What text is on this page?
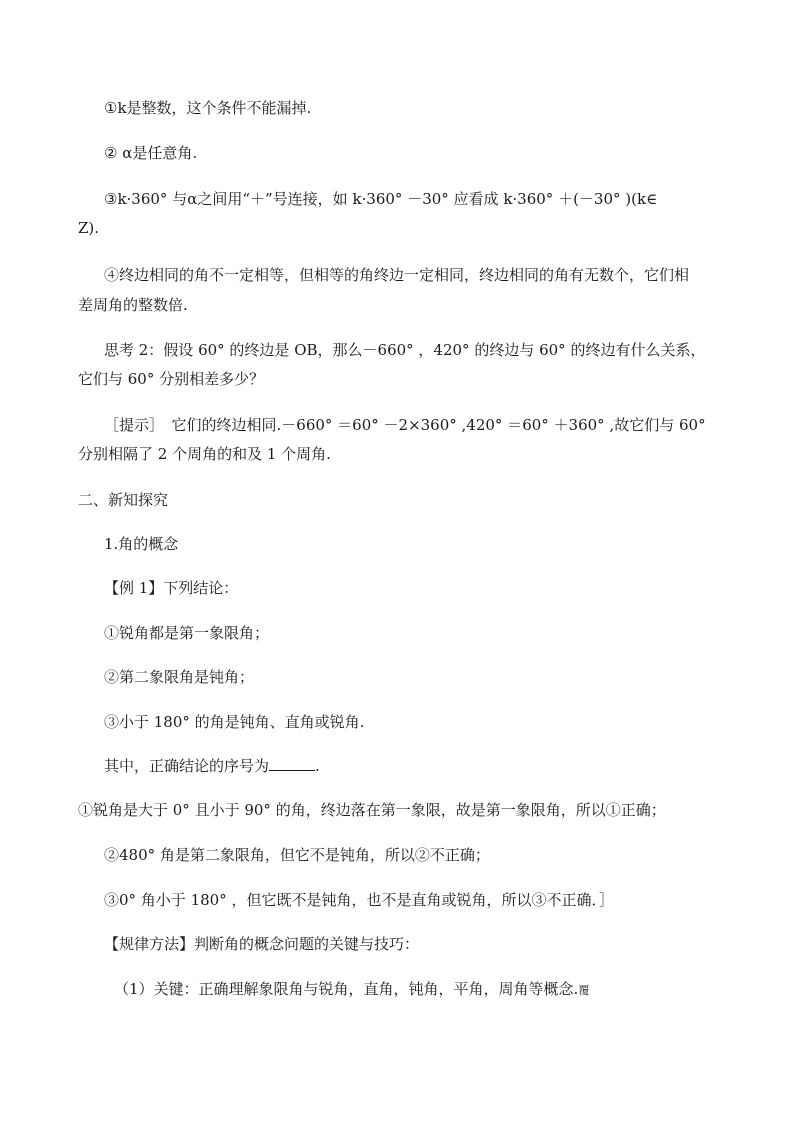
①k是整数，这个条件不能漏掉.
② α是任意角.
③k·360° 与α之间用“＋”号连接，如 k·360° －30° 应看成 k·360° ＋(－30° )(k∈
Z).
④终边相同的角不一定相等，但相等的角终边一定相同，终边相同的角有无数个，它们相
差周角的整数倍.
思考 2：假设 60° 的终边是 OB，那么－660° ，420° 的终边与 60° 的终边有什么关系，
它们与 60° 分别相差多少？
［提示］　它们的终边相同.－660° ＝60° －2×360° ,420° ＝60° ＋360° ,故它们与 60°
分别相隔了 2 个周角的和及 1 个周角.
二、新知探究
1.角的概念
【例 1】下列结论：
①锐角都是第一象限角；
②第二象限角是钝角；
③小于 180° 的角是钝角、直角或锐角.
其中，正确结论的序号为	.
①锐角是大于 0° 且小于 90° 的角，终边落在第一象限，故是第一象限角，所以①正确；
②480° 角是第二象限角，但它不是钝角，所以②不正确；
③0° 角小于 180° ，但它既不是钝角，也不是直角或锐角，所以③不正确．］
【规律方法】判断角的概念问题的关键与技巧：
（1）关键：正确理解象限角与锐角，直角，钝角，平角，周角等概念.覆
